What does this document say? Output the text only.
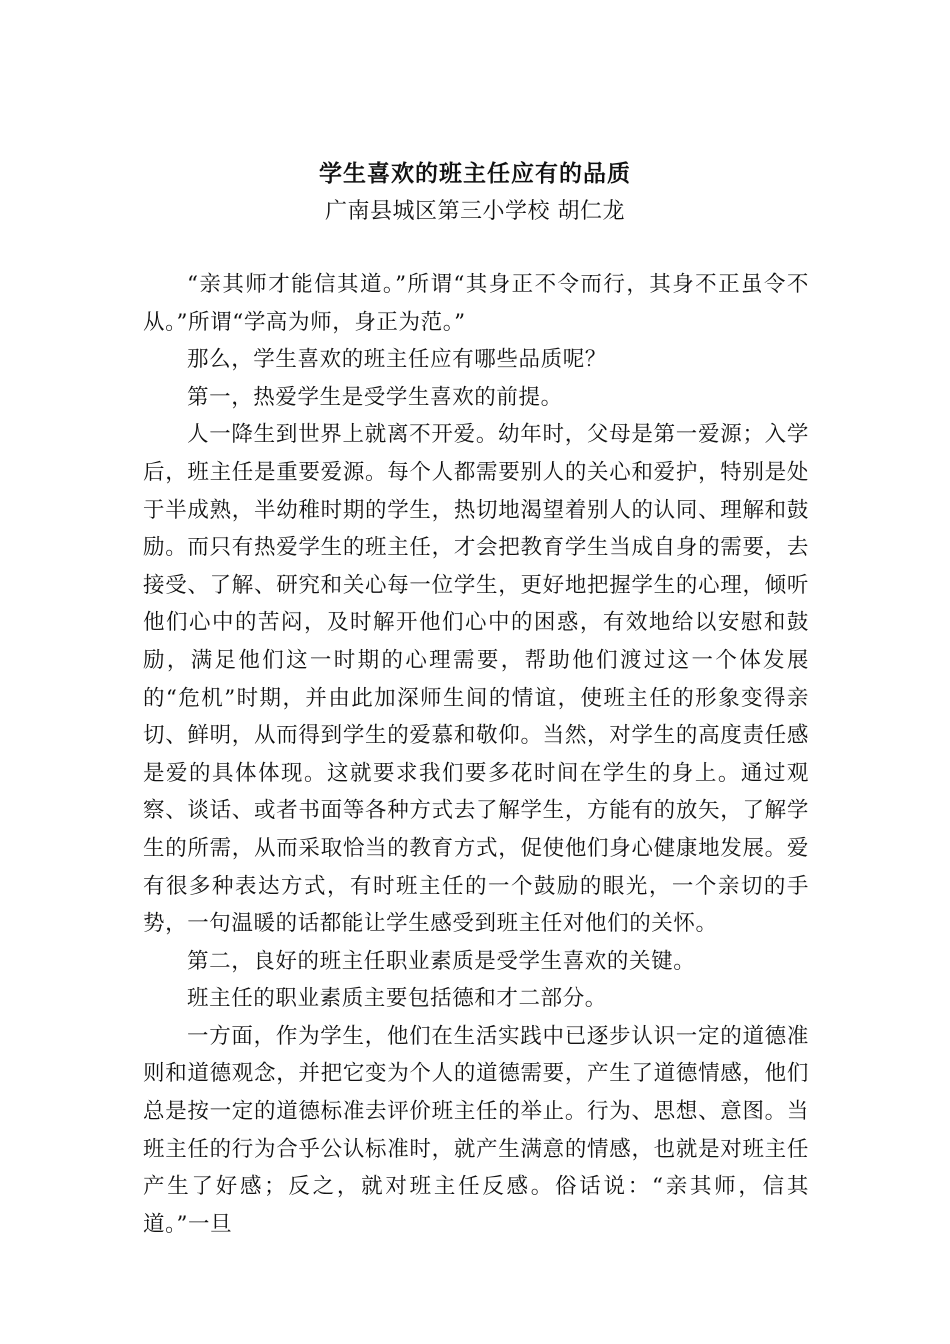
学生喜欢的班主任应有的品质
广南县城区第三小学校 胡仁龙

“亲其师才能信其道。”所谓“其身正不令而行，其身不正虽令不从。”所谓“学高为师，身正为范。”

那么，学生喜欢的班主任应有哪些品质呢？

第一，热爱学生是受学生喜欢的前提。

人一降生到世界上就离不开爱。幼年时，父母是第一爱源；入学后，班主任是重要爱源。每个人都需要别人的关心和爱护，特别是处于半成熟，半幼稚时期的学生，热切地渴望着别人的认同、理解和鼓励。而只有热爱学生的班主任，才会把教育学生当成自身的需要，去接受、了解、研究和关心每一位学生，更好地把握学生的心理，倾听他们心中的苦闷，及时解开他们心中的困惑，有效地给以安慰和鼓励，满足他们这一时期的心理需要，帮助他们渡过这一个体发展的“危机”时期，并由此加深师生间的情谊，使班主任的形象变得亲切、鲜明，从而得到学生的爱慕和敬仰。当然，对学生的高度责任感是爱的具体体现。这就要求我们要多花时间在学生的身上。通过观察、谈话、或者书面等各种方式去了解学生，方能有的放矢，了解学生的所需，从而采取恰当的教育方式，促使他们身心健康地发展。爱有很多种表达方式，有时班主任的一个鼓励的眼光，一个亲切的手势，一句温暖的话都能让学生感受到班主任对他们的关怀。

第二，良好的班主任职业素质是受学生喜欢的关键。

班主任的职业素质主要包括德和才二部分。

一方面，作为学生，他们在生活实践中已逐步认识一定的道德准则和道德观念，并把它变为个人的道德需要，产生了道德情感，他们总是按一定的道德标准去评价班主任的举止。行为、思想、意图。当班主任的行为合乎公认标准时，就产生满意的情感，也就是对班主任产生了好感；反之，就对班主任反感。俗话说：“亲其师，信其道。”一旦
